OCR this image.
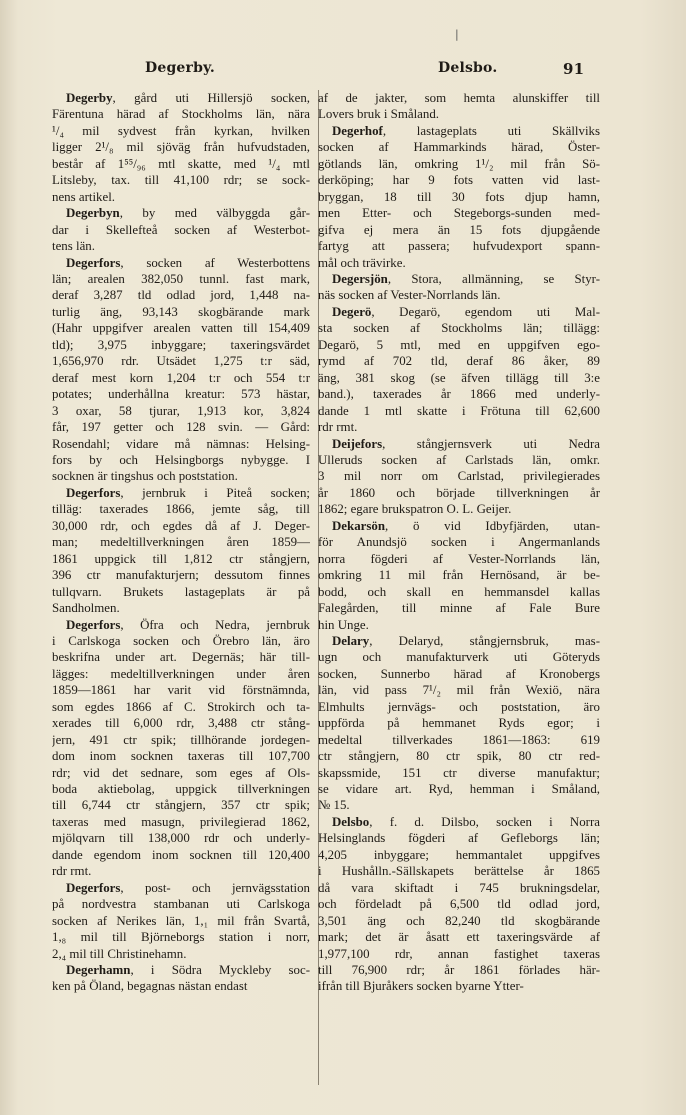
Degerby.	Delsbo.	91
|
Degerby, gård uti Hillersjö socken,
Färentuna härad af Stockholms län, nära
¹/₄ mil sydvest från kyrkan, hvilken
ligger 2¹/₈ mil sjöväg från hufvudstaden,
består af 1⁵⁵/₉₆ mtl skatte, med ¹/₄ mtl
Litsleby, tax. till 41,100 rdr; se sock-
nens artikel.
Degerbyn, by med välbyggda går-
dar i Skellefteå socken af Westerbot-
tens län.
Degerfors, socken af Westerbottens
län; arealen 382,050 tunnl. fast mark,
deraf 3,287 tld odlad jord, 1,448 na-
turlig äng, 93,143 skogbärande mark
(Hahr uppgifver arealen vatten till 154,409
tld); 3,975 inbyggare; taxeringsvärdet
1,656,970 rdr. Utsädet 1,275 t:r säd,
deraf mest korn 1,204 t:r och 554 t:r
potates; underhållna kreatur: 573 hästar,
3 oxar, 58 tjurar, 1,913 kor, 3,824
får, 197 getter och 128 svin. — Gård:
Rosendahl; vidare må nämnas: Helsing-
fors by och Helsingborgs nybygge. I
socknen är tingshus och poststation.
Degerfors, jernbruk i Piteå socken;
tilläg: taxerades 1866, jemte såg, till
30,000 rdr, och egdes då af J. Deger-
man; medeltillverkningen åren 1859—
1861 uppgick till 1,812 ctr stångjern,
396 ctr manufakturjern; dessutom finnes
tullqvarn. Brukets lastageplats är på
Sandholmen.
Degerfors, Öfra och Nedra, jernbruk
i Carlskoga socken och Örebro län, äro
beskrifna under art. Degernäs; här till-
lägges: medeltillverkningen under åren
1859—1861 har varit vid förstnämnda,
som egdes 1866 af C. Strokirch och ta-
xerades till 6,000 rdr, 3,488 ctr stång-
jern, 491 ctr spik; tillhörande jordegen-
dom inom socknen taxeras till 107,700
rdr; vid det sednare, som eges af Ols-
boda aktiebolag, uppgick tillverkningen
till 6,744 ctr stångjern, 357 ctr spik;
taxeras med masugn, privilegierad 1862,
mjölqvarn till 138,000 rdr och underly-
dande egendom inom socknen till 120,400
rdr rmt.
Degerfors, post- och jernvägsstation
på nordvestra stambanan uti Carlskoga
socken af Nerikes län, 1,₁ mil från Svartå,
1,₈ mil till Björneborgs station i norr,
2,₄ mil till Christinehamn.
Degerhamn, i Södra Myckleby soc-
ken på Öland, begagnas nästan endast
af de jakter, som hemta alunskiffer till
Lovers bruk i Småland.
Degerhof, lastageplats uti Skällviks
socken af Hammarkinds härad, Öster-
götlands län, omkring 1¹/₂ mil från Sö-
derköping; har 9 fots vatten vid last-
bryggan, 18 till 30 fots djup hamn,
men Etter- och Stegeborgs-sunden med-
gifva ej mera än 15 fots djupgående
fartyg att passera; hufvudexport spann-
mål och trävirke.
Degersjön, Stora, allmänning, se Styr-
näs socken af Vester-Norrlands län.
Degerö, Degarö, egendom uti Mal-
sta socken af Stockholms län; tillägg:
Degarö, 5 mtl, med en uppgifven ego-
rymd af 702 tld, deraf 86 åker, 89
äng, 381 skog (se äfven tillägg till 3:e
band.), taxerades år 1866 med underly-
dande 1 mtl skatte i Frötuna till 62,600
rdr rmt.
Deijefors, stångjernsverk uti Nedra
Ulleruds socken af Carlstads län, omkr.
3 mil norr om Carlstad, privilegierades
år 1860 och började tillverkningen år
1862; egare brukspatron O. L. Geijer.
Dekarsön, ö vid Idbyfjärden, utan-
för Anundsjö socken i Angermanlands
norra fögderi af Vester-Norrlands län,
omkring 11 mil från Hernösand, är be-
bodd, och skall en hemmansdel kallas
Falegården, till minne af Fale Bure
hin Unge.
Delary, Delaryd, stångjernsbruk, mas-
ugn och manufakturverk uti Göteryds
socken, Sunnerbo härad af Kronobergs
län, vid pass 7¹/₂ mil från Wexiö, nära
Elmhults jernvägs- och poststation, äro
uppförda på hemmanet Ryds egor; i
medeltal tillverkades 1861—1863: 619
ctr stångjern, 80 ctr spik, 80 ctr red-
skapssmide, 151 ctr diverse manufaktur;
se vidare art. Ryd, hemman i Småland,
№ 15.
Delsbo, f. d. Dilsbo, socken i Norra
Helsinglands fögderi af Gefleborgs län;
4,205 inbyggare; hemmantalet uppgifves
i Hushålln.-Sällskapets berättelse år 1865
då vara skiftadt i 745 brukningsdelar,
och fördeladt på 6,500 tld odlad jord,
3,501 äng och 82,240 tld skogbärande
mark; det är åsatt ett taxeringsvärde af
1,977,100 rdr, annan fastighet taxeras
till 76,900 rdr; år 1861 förlades här-
ifrån till Bjuråkers socken byarne Ytter-
